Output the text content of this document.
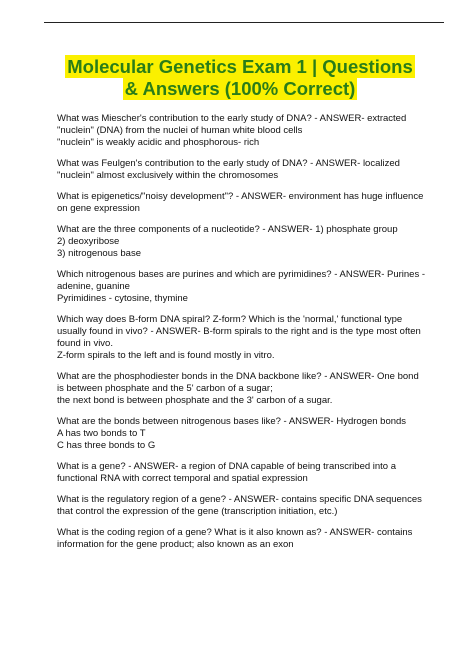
Molecular Genetics Exam 1 | Questions
& Answers (100% Correct)

What was Miescher's contribution to the early study of DNA? - ANSWER- extracted
"nuclein" (DNA) from the nuclei of human white blood cells
"nuclein" is weakly acidic and phosphorous- rich

What was Feulgen's contribution to the early study of DNA? - ANSWER- localized
"nuclein" almost exclusively within the chromosomes

What is epigenetics/"noisy development"? - ANSWER- environment has huge influence
on gene expression

What are the three components of a nucleotide? - ANSWER- 1) phosphate group
2) deoxyribose
3) nitrogenous base

Which nitrogenous bases are purines and which are pyrimidines? - ANSWER- Purines -
adenine, guanine
Pyrimidines - cytosine, thymine

Which way does B-form DNA spiral? Z-form? Which is the 'normal,' functional type
usually found in vivo? - ANSWER- B-form spirals to the right and is the type most often
found in vivo.
Z-form spirals to the left and is found mostly in vitro.

What are the phosphodiester bonds in the DNA backbone like? - ANSWER- One bond
is between phosphate and the 5' carbon of a sugar;
the next bond is between phosphate and the 3' carbon of a sugar.

What are the bonds between nitrogenous bases like? - ANSWER- Hydrogen bonds
A has two bonds to T
C has three bonds to G

What is a gene? - ANSWER- a region of DNA capable of being transcribed into a
functional RNA with correct temporal and spatial expression

What is the regulatory region of a gene? - ANSWER- contains specific DNA sequences
that control the expression of the gene (transcription initiation, etc.)

What is the coding region of a gene? What is it also known as? - ANSWER- contains
information for the gene product; also known as an exon
